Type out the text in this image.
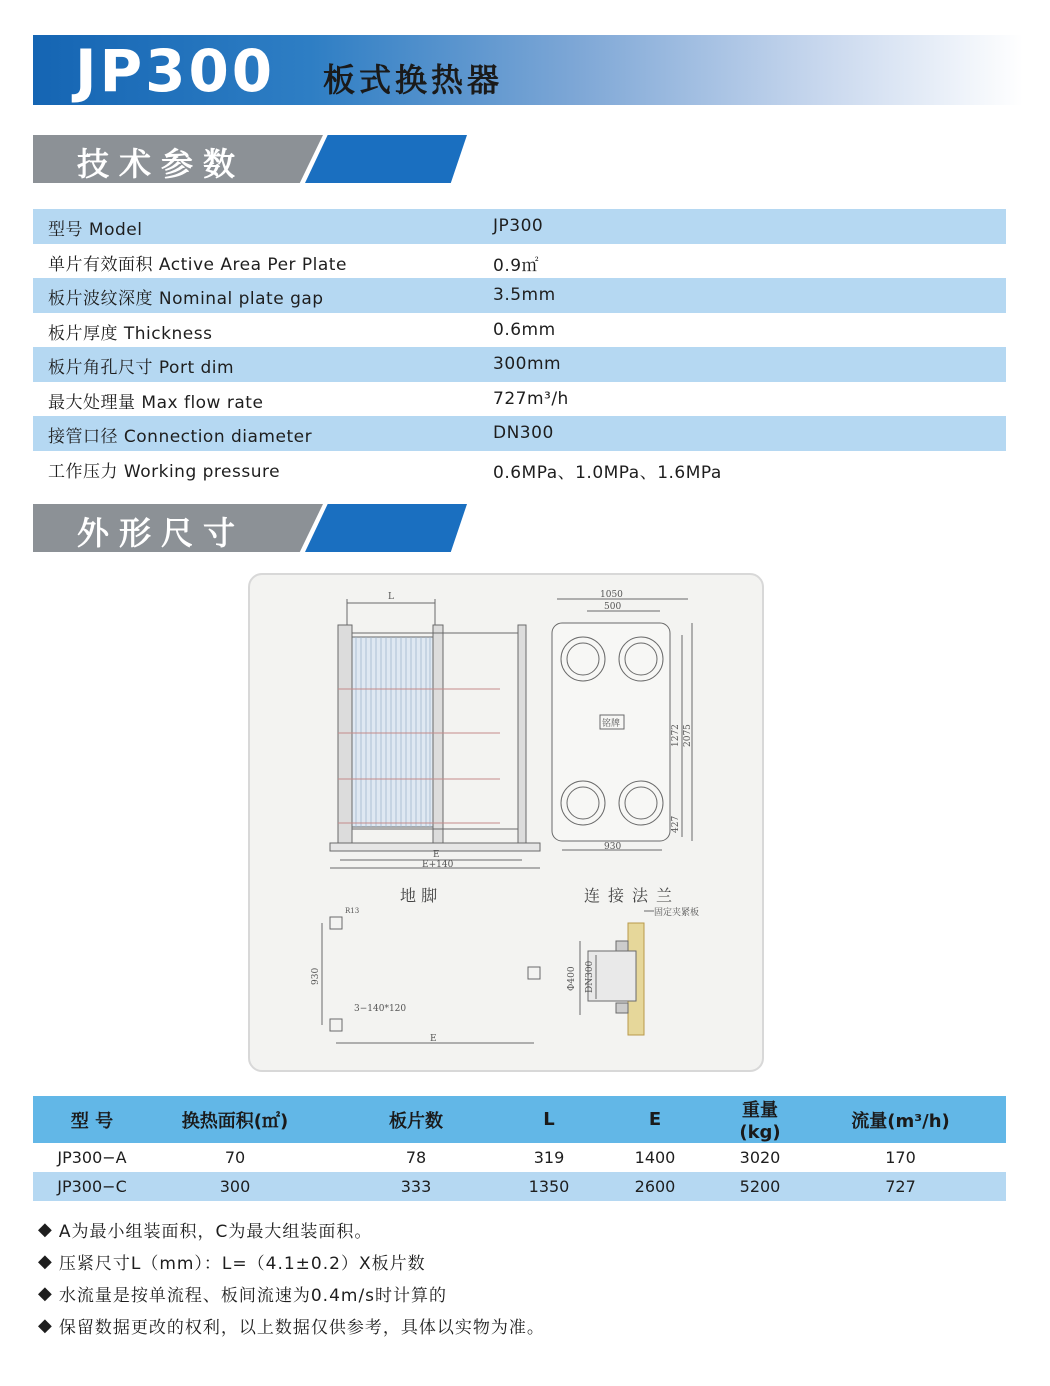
JP300 板式换热器
技术参数
型号 Model	JP300
单片有效面积 Active Area Per Plate	0.9㎡
板片波纹深度 Nominal plate gap	3.5mm
板片厚度 Thickness	0.6mm
板片角孔尺寸 Port dim	300mm
最大处理量 Max flow rate	727m³/h
接管口径 Connection diameter	DN300
工作压力 Working pressure	0.6MPa、1.0MPa、1.6MPa
外形尺寸
L
E
E+140
1050
500
930
1272 2075
427
铭牌
R13
930
3−140*120
E
固定夹紧板
Φ400 DN300
地 脚	连接法兰
型 号	换热面积(㎡)	板片数	L	E	重量(kg)	流量(m³/h)
JP300−A	70	78	319	1400	3020	170
JP300−C	300	333	1350	2600	5200	727
◆ A为最小组装面积，C为最大组装面积。
◆ 压紧尺寸L（mm）：L=（4.1±0.2）X板片数
◆ 水流量是按单流程、板间流速为0.4m/s时计算的
◆ 保留数据更改的权利，以上数据仅供参考，具体以实物为准。
